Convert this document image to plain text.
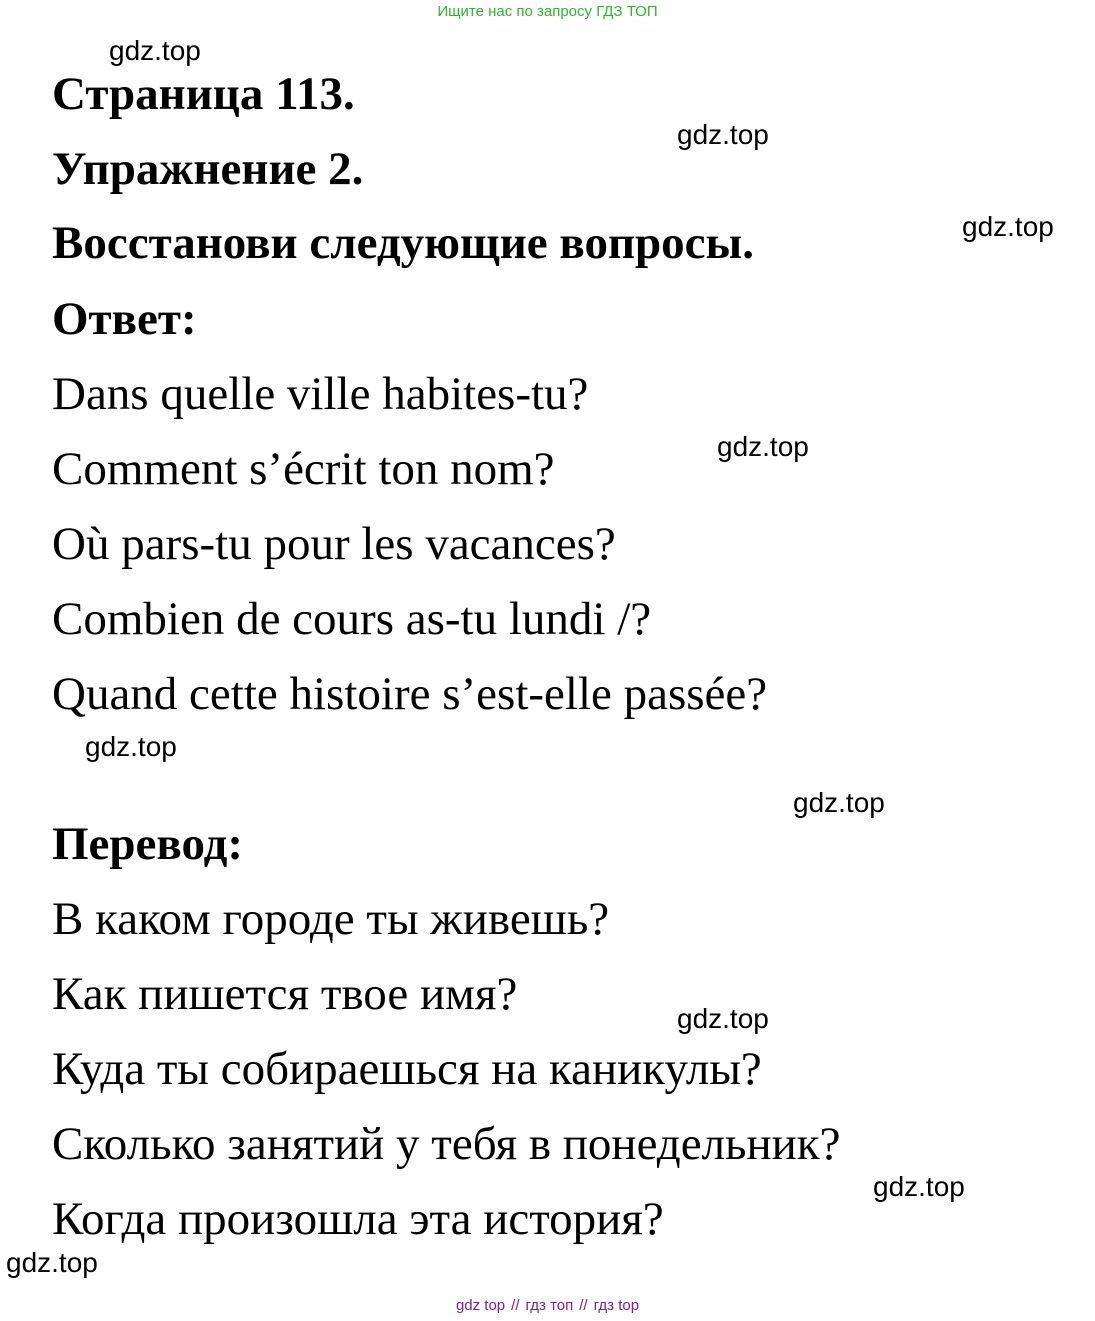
Ищите нас по запросу ГДЗ ТОП
Страница 113.
Упражнение 2.
Восстанови следующие вопросы.
Ответ:
Dans quelle ville habites-tu?
Comment s’écrit ton nom?
Où pars-tu pour les vacances?
Combien de cours as-tu lundi /?
Quand cette histoire s’est-elle passée?
Перевод:
В каком городе ты живешь?
Как пишется твое имя?
Куда ты собираешься на каникулы?
Сколько занятий у тебя в понедельник?
Когда произошла эта история?
gdz.top
gdz.top
gdz.top
gdz.top
gdz.top
gdz.top
gdz.top
gdz.top
gdz.top
gdz top // гдз топ // гдз top
